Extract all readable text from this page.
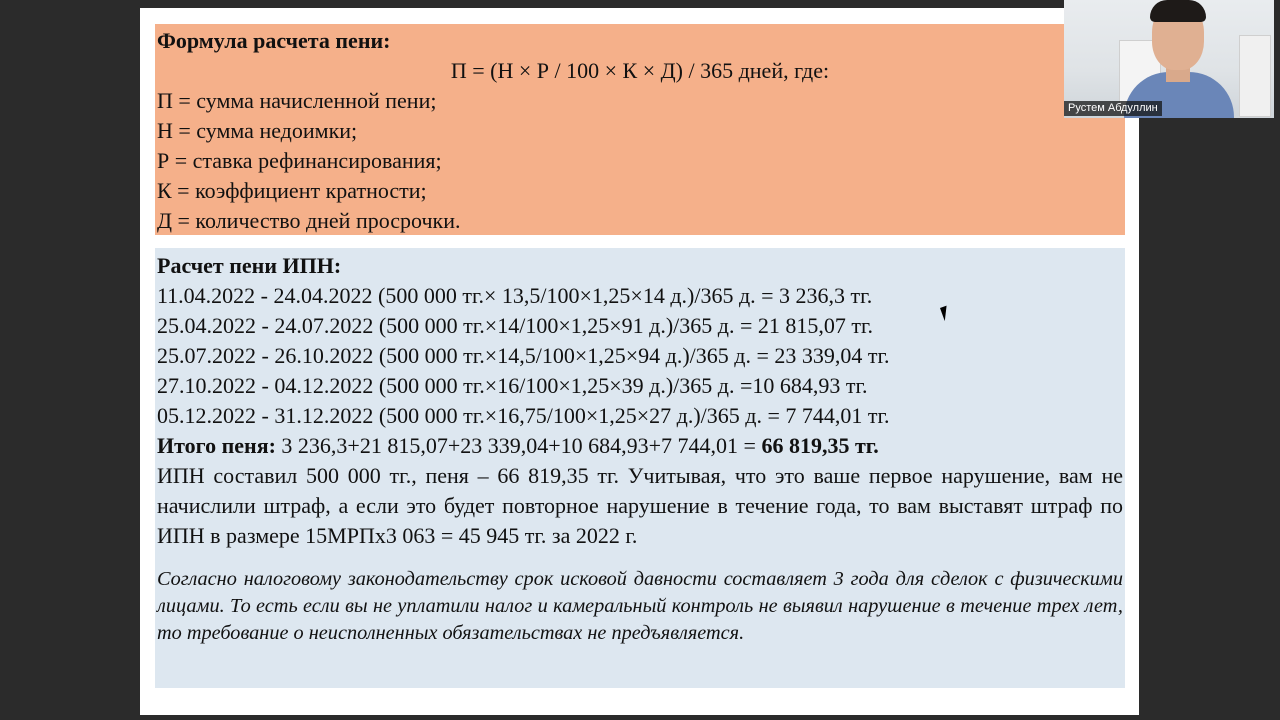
Формула расчета пени:
П = (Н × Р / 100 × К × Д) / 365 дней, где:
П = сумма начисленной пени;
Н = сумма недоимки;
Р = ставка рефинансирования;
К = коэффициент кратности;
Д = количество дней просрочки.
Расчет пени ИПН:
11.04.2022 - 24.04.2022 (500 000 тг.× 13,5/100×1,25×14 д.)/365 д. = 3 236,3 тг.
25.04.2022 - 24.07.2022 (500 000 тг.×14/100×1,25×91 д.)/365 д. = 21 815,07 тг.
25.07.2022 - 26.10.2022 (500 000 тг.×14,5/100×1,25×94 д.)/365 д. = 23 339,04 тг.
27.10.2022 - 04.12.2022 (500 000 тг.×16/100×1,25×39 д.)/365 д. =10 684,93 тг.
05.12.2022 - 31.12.2022 (500 000 тг.×16,75/100×1,25×27 д.)/365 д. = 7 744,01 тг.
Итого пеня: 3 236,3+21 815,07+23 339,04+10 684,93+7 744,01 = 66 819,35 тг.
ИПН составил 500 000 тг., пеня – 66 819,35 тг. Учитывая, что это ваше первое нарушение, вам не начислили штраф, а если это будет повторное нарушение в течение года, то вам выставят штраф по ИПН в размере 15МРПх3 063 = 45 945 тг. за 2022 г.
Согласно налоговому законодательству срок исковой давности составляет 3 года для сделок с физическими лицами. То есть если вы не уплатили налог и камеральный контроль не выявил нарушение в течение трех лет, то требование о неисполненных обязательствах не предъявляется.
Рустем Абдуллин
